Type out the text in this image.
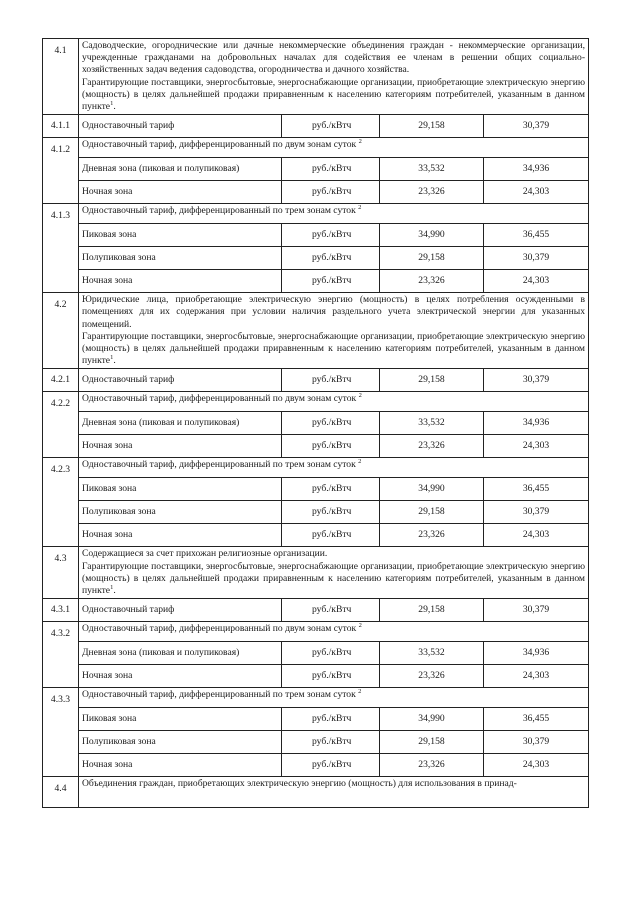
4.1	Садоводческие, огороднические или дачные некоммерческие объединения граждан - некоммерческие организации, учрежденные гражданами на добровольных началах для содействия ее членам в решении общих социально-хозяйственных задач ведения садоводства, огородничества и дачного хозяйства.
Гарантирующие поставщики, энергосбытовые, энергоснабжающие организации, приобретающие электрическую энергию (мощность) в целях дальнейшей продажи приравненным к населению категориям потребителей, указанным в данном пункте$^1$.			

4.1.1	Одноставочный тариф	руб./кВтч	29,158	30,379
4.1.2	Одноставочный тариф, дифференцированный по двум зонам суток $^2$
	Дневная зона (пиковая и полупиковая)	руб./кВтч	33,532	34,936
	Ночная зона	руб./кВтч	23,326	24,303
4.1.3	Одноставочный тариф, дифференцированный по трем зонам суток $^2$
	Пиковая зона	руб./кВтч	34,990	36,455
	Полупиковая зона	руб./кВтч	29,158	30,379
	Ночная зона	руб./кВтч	23,326	24,303
4.2	Юридические лица, приобретающие электрическую энергию (мощность) в целях потребления осужденными в помещениях для их содержания при условии наличия раздельного учета электрической энергии для указанных помещений.
Гарантирующие поставщики, энергосбытовые, энергоснабжающие организации, приобретающие электрическую энергию (мощность) в целях дальнейшей продажи приравненным к населению категориям потребителей, указанным в данном пункте$^1$.			

4.2.1	Одноставочный тариф	руб./кВтч	29,158	30,379
4.2.2	Одноставочный тариф, дифференцированный по двум зонам суток $^2$
	Дневная зона (пиковая и полупиковая)	руб./кВтч	33,532	34,936
	Ночная зона	руб./кВтч	23,326	24,303
4.2.3	Одноставочный тариф, дифференцированный по трем зонам суток $^2$
	Пиковая зона	руб./кВтч	34,990	36,455
	Полупиковая зона	руб./кВтч	29,158	30,379
	Ночная зона	руб./кВтч	23,326	24,303
4.3	Содержащиеся за счет прихожан религиозные организации.
Гарантирующие поставщики, энергосбытовые, энергоснабжающие организации, приобретающие электрическую энергию (мощность) в целях дальнейшей продажи приравненным к населению категориям потребителей, указанным в данном пункте$^1$.			

4.3.1	Одноставочный тариф	руб./кВтч	29,158	30,379
4.3.2	Одноставочный тариф, дифференцированный по двум зонам суток $^2$
	Дневная зона (пиковая и полупиковая)	руб./кВтч	33,532	34,936
	Ночная зона	руб./кВтч	23,326	24,303
4.3.3	Одноставочный тариф, дифференцированный по трем зонам суток $^2$
	Пиковая зона	руб./кВтч	34,990	36,455
	Полупиковая зона	руб./кВтч	29,158	30,379
	Ночная зона	руб./кВтч	23,326	24,303
4.4	Объединения граждан, приобретающих электрическую энергию (мощность) для использования в принад-			
